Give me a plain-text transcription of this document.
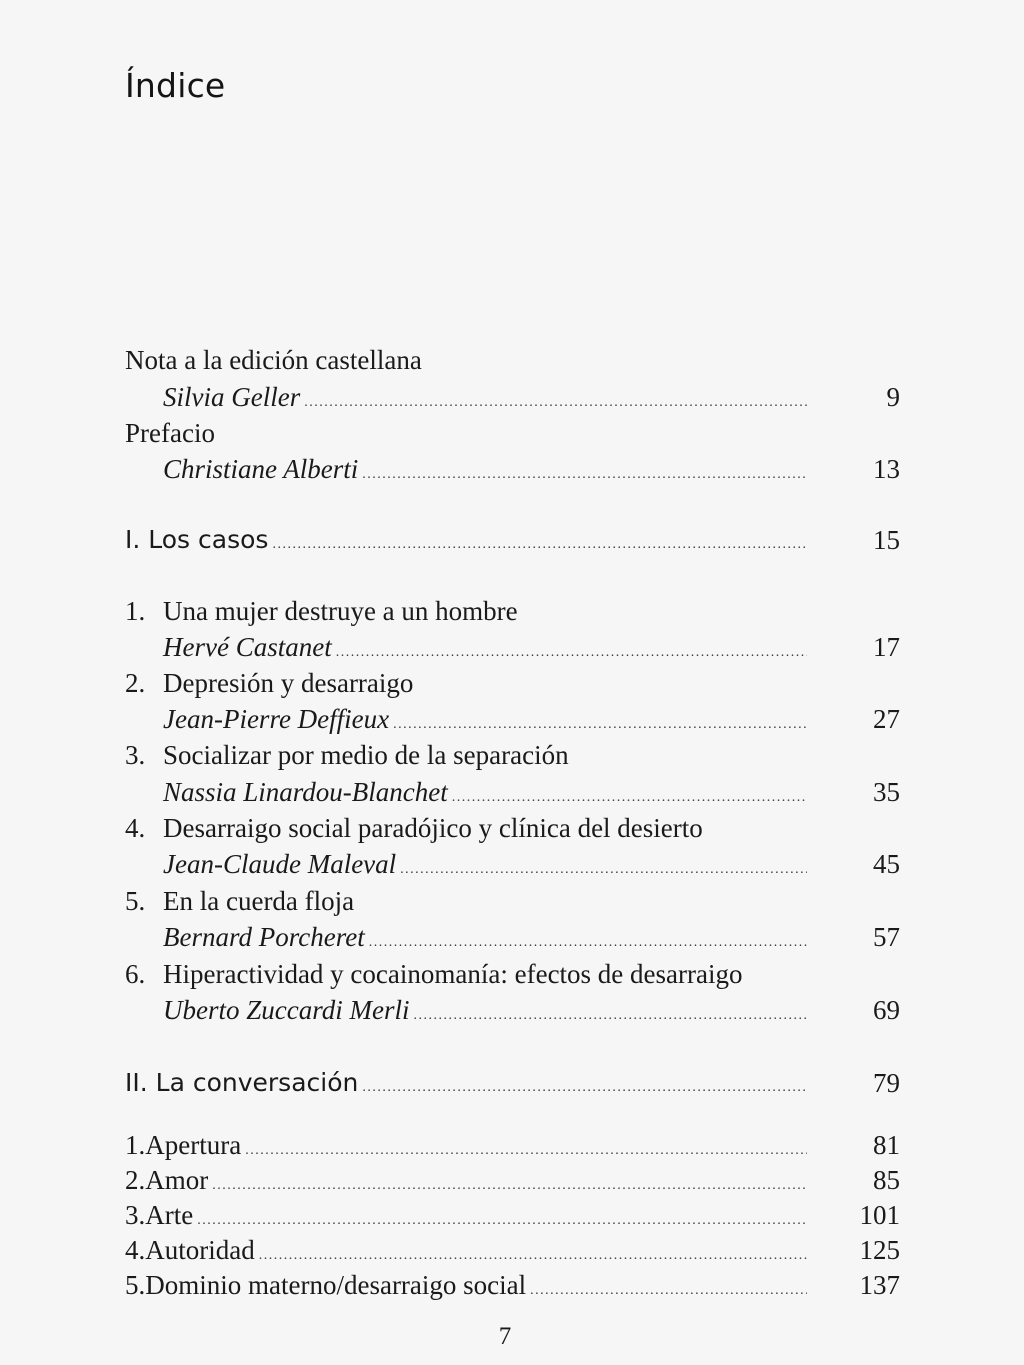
Índice
Nota a la edición castellana
Silvia Geller .....	9
Prefacio
Christiane Alberti .....	13
I. Los casos .....	15
1. Una mujer destruye a un hombre
Hervé Castanet .....	17
2. Depresión y desarraigo
Jean-Pierre Deffieux .....	27
3. Socializar por medio de la separación
Nassia Linardou-Blanchet .....	35
4. Desarraigo social paradójico y clínica del desierto
Jean-Claude Maleval .....	45
5. En la cuerda floja
Bernard Porcheret .....	57
6. Hiperactividad y cocainomanía: efectos de desarraigo
Uberto Zuccardi Merli .....	69
II. La conversación .....	79
1. Apertura .....	81
2. Amor .....	85
3. Arte .....	101
4. Autoridad .....	125
5. Dominio materno/desarraigo social .....	137
7
